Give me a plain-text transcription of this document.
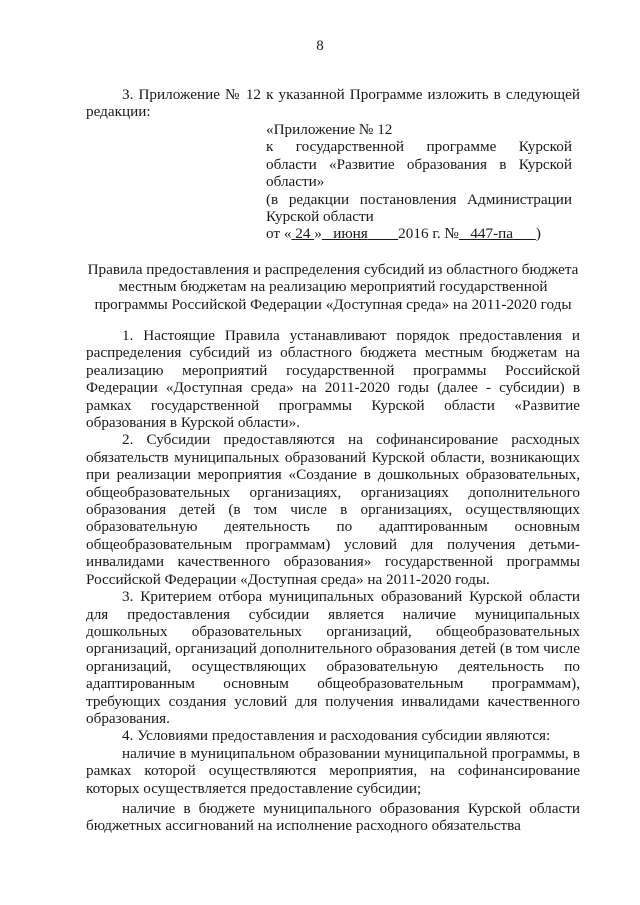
8
3. Приложение № 12 к указанной Программе изложить в следующей
редакции:
«Приложение № 12
к государственной программе Курской
области «Развитие образования в Курской
области»
(в редакции постановления Администрации
Курской области
от « 24 » июня 2016 г. № 447-па )
Правила предоставления и распределения субсидий из областного бюджета местным бюджетам на реализацию мероприятий государственной программы Российской Федерации «Доступная среда» на 2011-2020 годы

1. Настоящие Правила устанавливают порядок предоставления и распределения субсидий из областного бюджета местным бюджетам на реализацию мероприятий государственной программы Российской Федерации «Доступная среда» на 2011-2020 годы (далее - субсидии) в рамках государственной программы Курской области «Развитие образования в Курской области».

2. Субсидии предоставляются на софинансирование расходных обязательств муниципальных образований Курской области, возникающих при реализации мероприятия «Создание в дошкольных образовательных, общеобразовательных организациях, организациях дополнительного образования детей (в том числе в организациях, осуществляющих образовательную деятельность по адаптированным основным общеобразовательным программам) условий для получения детьми-инвалидами качественного образования» государственной программы Российской Федерации «Доступная среда» на 2011-2020 годы.

3. Критерием отбора муниципальных образований Курской области для предоставления субсидии является наличие муниципальных дошкольных образовательных организаций, общеобразовательных организаций, организаций дополнительного образования детей (в том числе организаций, осуществляющих образовательную деятельность по адаптированным основным общеобразовательным программам), требующих создания условий для получения инвалидами качественного образования.

4. Условиями предоставления и расходования субсидии являются:

наличие в муниципальном образовании муниципальной программы, в рамках которой осуществляются мероприятия, на софинансирование которых осуществляется предоставление субсидии;

наличие в бюджете муниципального образования Курской области бюджетных ассигнований на исполнение расходного обязательства
